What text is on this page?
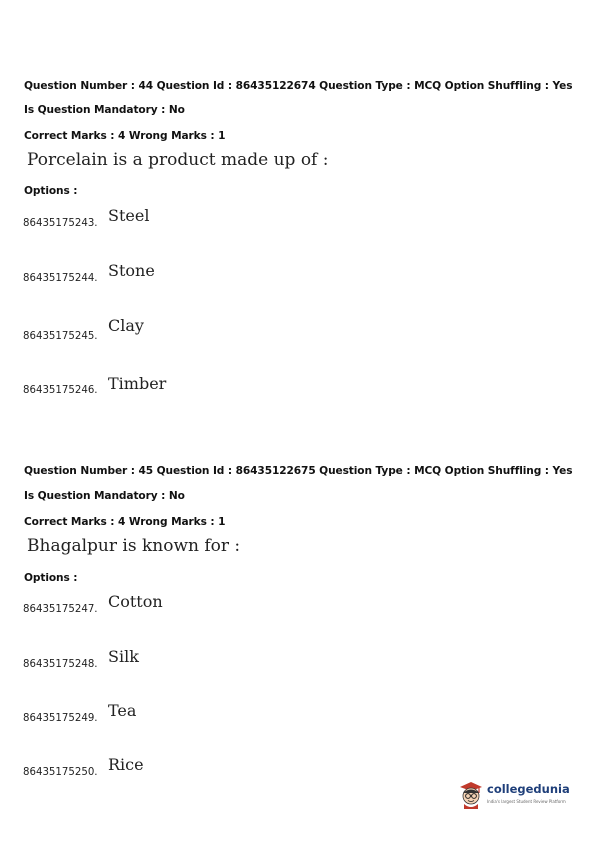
Question Number : 44 Question Id : 86435122674 Question Type : MCQ Option Shuffling : Yes
Is Question Mandatory : No
Correct Marks : 4 Wrong Marks : 1
Porcelain is a product made up of :
Options :
86435175243. Steel
86435175244. Stone
86435175245.
Clay
86435175246. Timber
Question Number : 45 Question Id : 86435122675 Question Type : MCQ Option Shuffling : Yes
Is Question Mandatory : No
Correct Marks : 4 Wrong Marks : 1
Bhagalpur is known for :
Options :
86435175247. Cotton
86435175248. Silk
86435175249. Tea
86435175250. Rice
collegedunia
India's largest Student Review Platform
